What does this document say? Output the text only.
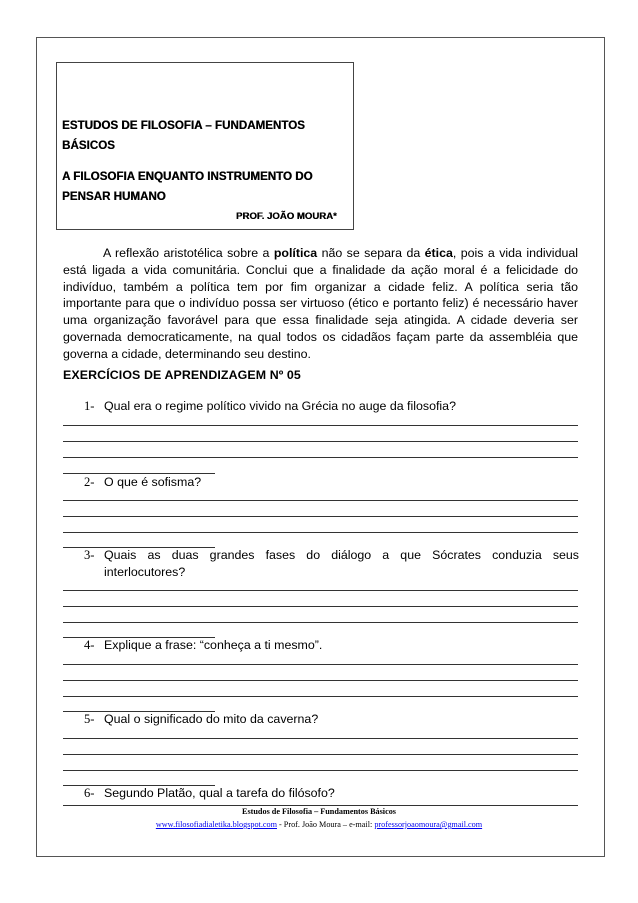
ESTUDOS DE FILOSOFIA – FUNDAMENTOS BÁSICOS
A FILOSOFIA ENQUANTO INSTRUMENTO DO PENSAR HUMANO
PROF. JOÃO MOURA*

A reflexão aristotélica sobre a política não se separa da ética, pois a vida individual está ligada a vida comunitária. Conclui que a finalidade da ação moral é a felicidade do indivíduo, também a política tem por fim organizar a cidade feliz. A política seria tão importante para que o indivíduo possa ser virtuoso (ético e portanto feliz) é necessário haver uma organização favorável para que essa finalidade seja atingida. A cidade deveria ser governada democraticamente, na qual todos os cidadãos façam parte da assembléia que governa a cidade, determinando seu destino.

EXERCÍCIOS DE APRENDIZAGEM Nº 05
1- Qual era o regime político vivido na Grécia no auge da filosofia?
2- O que é sofisma?
3- Quais as duas grandes fases do diálogo a que Sócrates conduzia seus interlocutores?
4- Explique a frase: “conheça a ti mesmo”.
5- Qual o significado do mito da caverna?
6- Segundo Platão, qual a tarefa do filósofo?
Estudos de Filosofia – Fundamentos Básicos
www.filosofiadialetika.blogspot.com - Prof. João Moura – e-mail: professorjoaomoura@gmail.com
